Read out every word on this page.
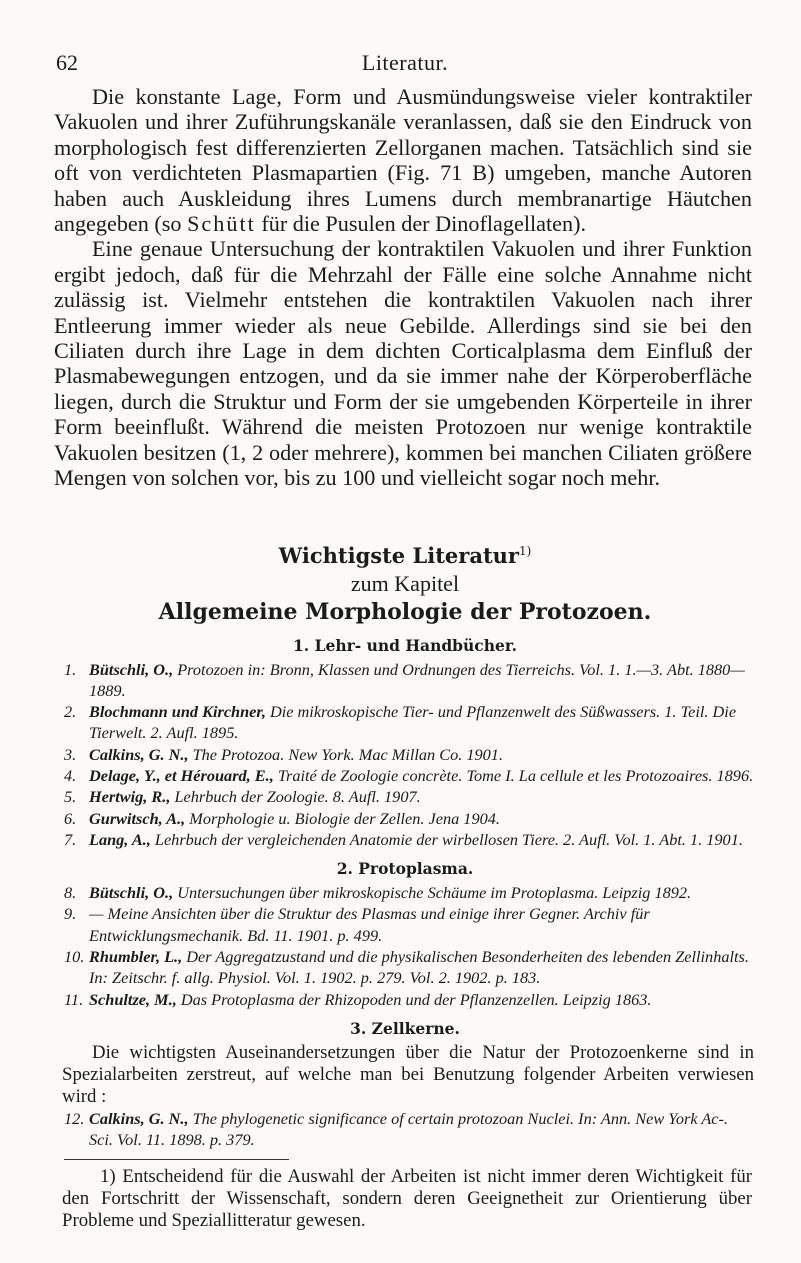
62	Literatur.

Die konstante Lage, Form und Ausmündungsweise vieler kontraktiler Vakuolen und ihrer Zuführungskanäle veranlassen, daß sie den Eindruck von morphologisch fest differenzierten Zellorganen machen. Tatsächlich sind sie oft von verdichteten Plasmapartien (Fig. 71 B) umgeben, manche Autoren haben auch Auskleidung ihres Lumens durch membranartige Häutchen angegeben (so Schütt für die Pusulen der Dinoflagellaten).

Eine genaue Untersuchung der kontraktilen Vakuolen und ihrer Funktion ergibt jedoch, daß für die Mehrzahl der Fälle eine solche Annahme nicht zulässig ist. Vielmehr entstehen die kontraktilen Vakuolen nach ihrer Entleerung immer wieder als neue Gebilde. Allerdings sind sie bei den Ciliaten durch ihre Lage in dem dichten Corticalplasma dem Einfluß der Plasmabewegungen entzogen, und da sie immer nahe der Körperoberfläche liegen, durch die Struktur und Form der sie umgebenden Körperteile in ihrer Form beeinflußt. Während die meisten Protozoen nur wenige kontraktile Vakuolen besitzen (1, 2 oder mehrere), kommen bei manchen Ciliaten größere Mengen von solchen vor, bis zu 100 und vielleicht sogar noch mehr.

Wichtigste Literatur$^{1)}$
zum Kapitel
Allgemeine Morphologie der Protozoen.
1. Lehr- und Handbücher.
1. Bütschli, O., Protozoen in: Bronn, Klassen und Ordnungen des Tierreichs. Vol. 1. 1.—3. Abt. 1880—1889.
2. Blochmann und Kirchner, Die mikroskopische Tier- und Pflanzenwelt des Süßwassers. 1. Teil. Die Tierwelt. 2. Aufl. 1895.
3. Calkins, G. N., The Protozoa. New York. Mac Millan Co. 1901.
4. Delage, Y., et Hérouard, E., Traité de Zoologie concrète. Tome I. La cellule et les Protozoaires. 1896.
5. Hertwig, R., Lehrbuch der Zoologie. 8. Aufl. 1907.
6. Gurwitsch, A., Morphologie u. Biologie der Zellen. Jena 1904.
7. Lang, A., Lehrbuch der vergleichenden Anatomie der wirbellosen Tiere. 2. Aufl. Vol. 1. Abt. 1. 1901.
2. Protoplasma.
8. Bütschli, O., Untersuchungen über mikroskopische Schäume im Protoplasma. Leipzig 1892.
9. — Meine Ansichten über die Struktur des Plasmas und einige ihrer Gegner. Archiv für Entwicklungsmechanik. Bd. 11. 1901. p. 499.
10. Rhumbler, L., Der Aggregatzustand und die physikalischen Besonderheiten des lebenden Zellinhalts. In: Zeitschr. f. allg. Physiol. Vol. 1. 1902. p. 279. Vol. 2. 1902. p. 183.
11. Schultze, M., Das Protoplasma der Rhizopoden und der Pflanzenzellen. Leipzig 1863.
3. Zellkerne.
Die wichtigsten Auseinandersetzungen über die Natur der Protozoenkerne sind in Spezialarbeiten zerstreut, auf welche man bei Benutzung folgender Arbeiten verwiesen wird :
12. Calkins, G. N., The phylogenetic significance of certain protozoan Nuclei. In: Ann. New York Ac-. Sci. Vol. 11. 1898. p. 379.
1) Entscheidend für die Auswahl der Arbeiten ist nicht immer deren Wichtigkeit für den Fortschritt der Wissenschaft, sondern deren Geeignetheit zur Orientierung über Probleme und Speziallitteratur gewesen.
